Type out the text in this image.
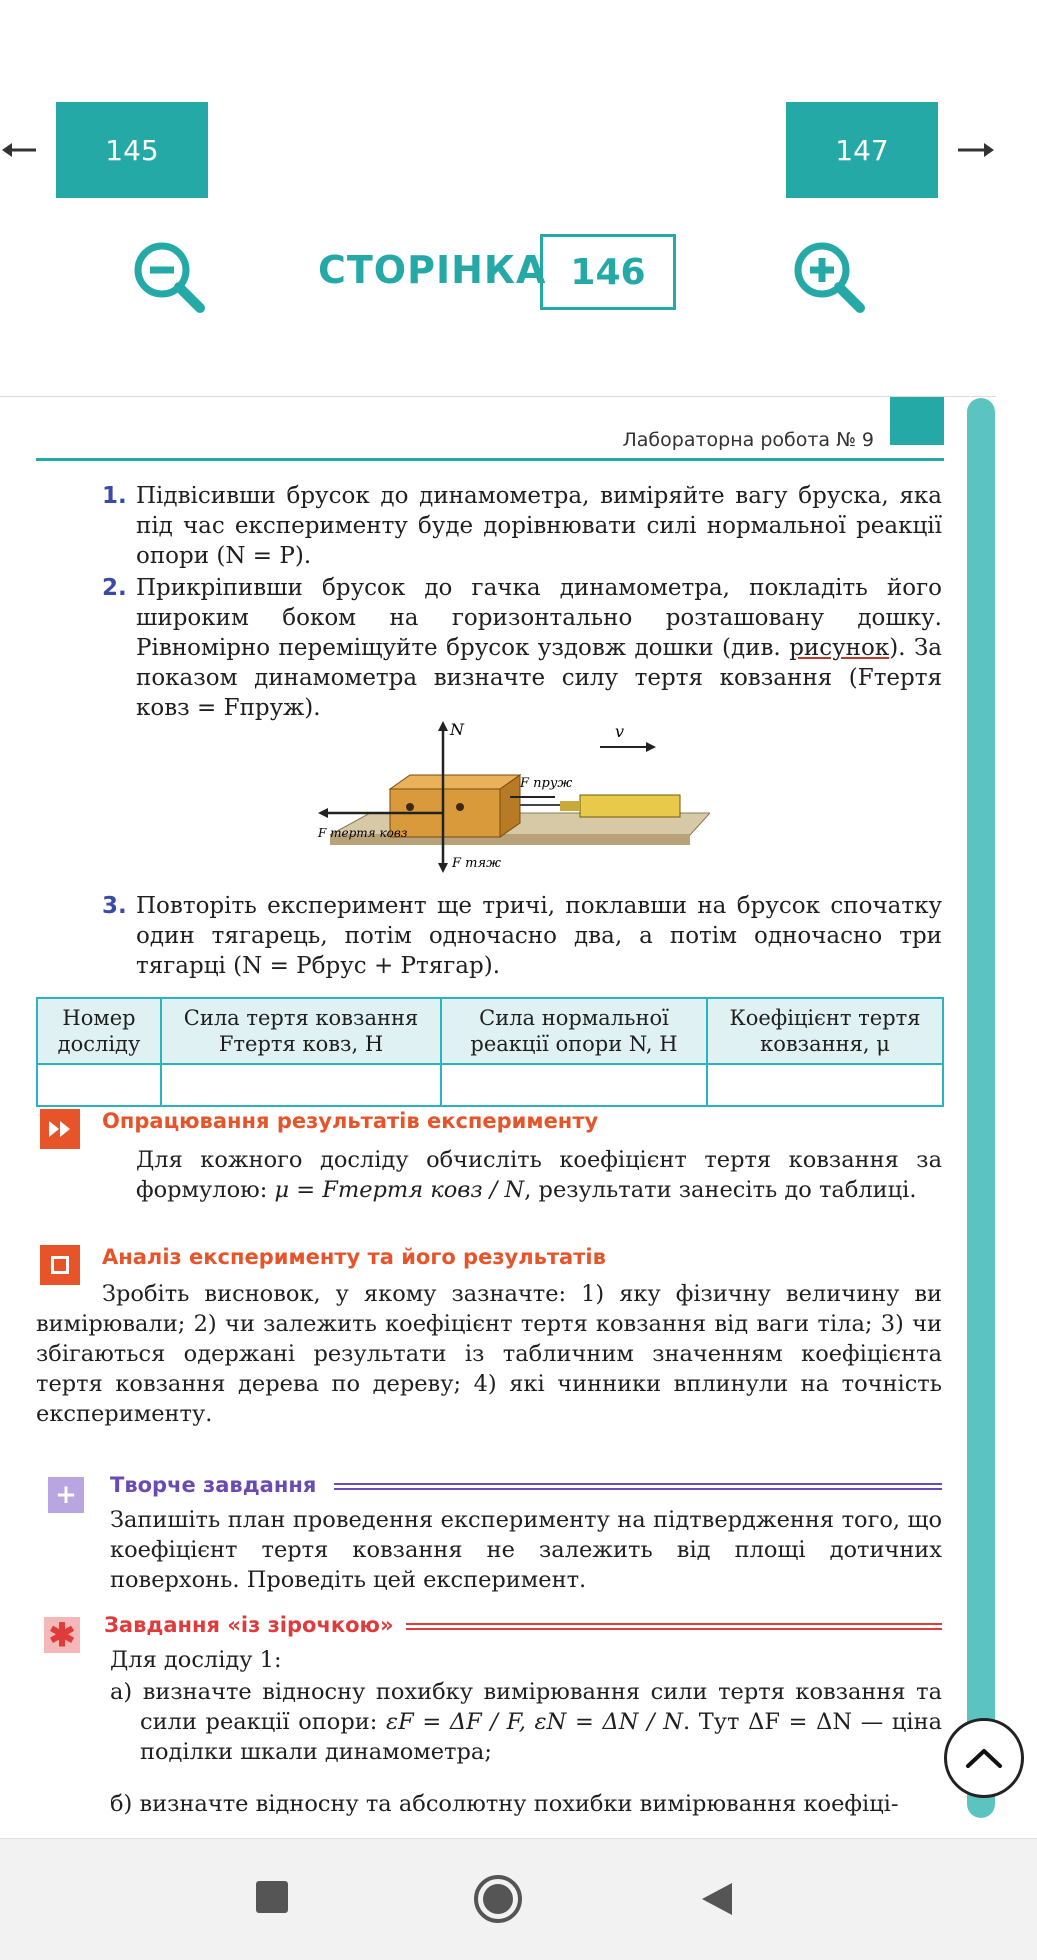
145	147
СТОРІНКА 146
Лабораторна робота № 9
1. Підвісивши брусок до динамометра, виміряйте вагу бруска, яка під час експерименту буде дорівнювати силі нормальної реакції опори (N = P).
2. Прикріпивши брусок до гачка динамометра, покладіть його широким боком на горизонтально розташовану дошку. Рівномірно переміщуйте брусок уздовж дошки (див. рисунок). За показом динамометра визначте силу тертя ковзання (Fтертя ковз = Fпруж).
N	v
F пруж
F тертя ковз
F тяж
3. Повторіть експеримент ще тричі, поклавши на брусок спочатку один тягарець, потім одночасно два, а потім одночасно три тягарці (N = Pбрус + Pтягар).
Номер досліду	Сила тертя ковзання Fтертя ковз, Н	Сила нормальної реакції опори N, Н	Коефіцієнт тертя ковзання, μ

Опрацювання результатів експерименту
Для кожного досліду обчисліть коефіцієнт тертя ковзання за формулою: μ = Fтертя ковз / N, результати занесіть до таблиці.
Аналіз експерименту та його результатів
Зробіть висновок, у якому зазначте: 1) яку фізичну величину ви вимірювали; 2) чи залежить коефіцієнт тертя ковзання від ваги тіла; 3) чи збігаються одержані результати із табличним значенням коефіцієнта тертя ковзання дерева по дереву; 4) які чинники вплинули на точність експерименту.
+	Творче завдання
Запишіть план проведення експерименту на підтвердження того, що коефіцієнт тертя ковзання не залежить від площі дотичних поверхонь. Проведіть цей експеримент.
✱ Завдання «із зірочкою»
Для досліду 1:
а) визначте відносну похибку вимірювання сили тертя ковзання та сили реакції опори: εF = ΔF / F, εN = ΔN / N. Тут ΔF = ΔN — ціна поділки шкали динамометра;
б) визначте відносну та абсолютну похибки вимірювання коефіці-
